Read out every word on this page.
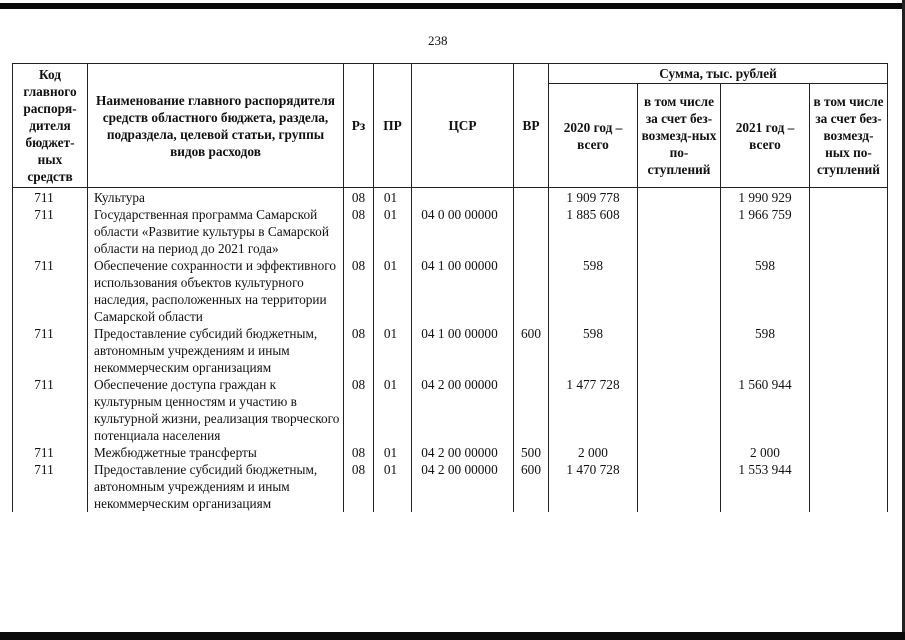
238
Код главного распоря-дителя бюджет-ных средств	Наименование главного распорядителя средств областного бюджета, раздела, подраздела, целевой статьи, группы видов расходов	Рз	ПР	ЦСР	ВР	Сумма, тыс. рублей			
						2020 год – всего	в том числе за счет без-возмезд-ных по-ступлений	2021 год – всего	в том числе за счет без-возмезд-ных по-ступлений
711	Культура	08	01			1 909 778		1 990 929	
711	Государственная программа Самарской области «Развитие культуры в Самарской области на период до 2021 года»	08	01	04 0 00 00000		1 885 608		1 966 759	
711	Обеспечение сохранности и эффективного использования объектов культурного наследия, расположенных на территории Самарской области	08	01	04 1 00 00000		598		598	
711	Предоставление субсидий бюджетным, автономным учреждениям и иным некоммерческим организациям	08	01	04 1 00 00000	600	598		598	
711	Обеспечение доступа граждан к культурным ценностям и участию в культурной жизни, реализация творческого потенциала населения	08	01	04 2 00 00000		1 477 728		1 560 944	
711	Межбюджетные трансферты	08	01	04 2 00 00000	500	2 000		2 000	
711	Предоставление субсидий бюджетным, автономным учреждениям и иным некоммерческим организациям	08	01	04 2 00 00000	600	1 470 728		1 553 944	
